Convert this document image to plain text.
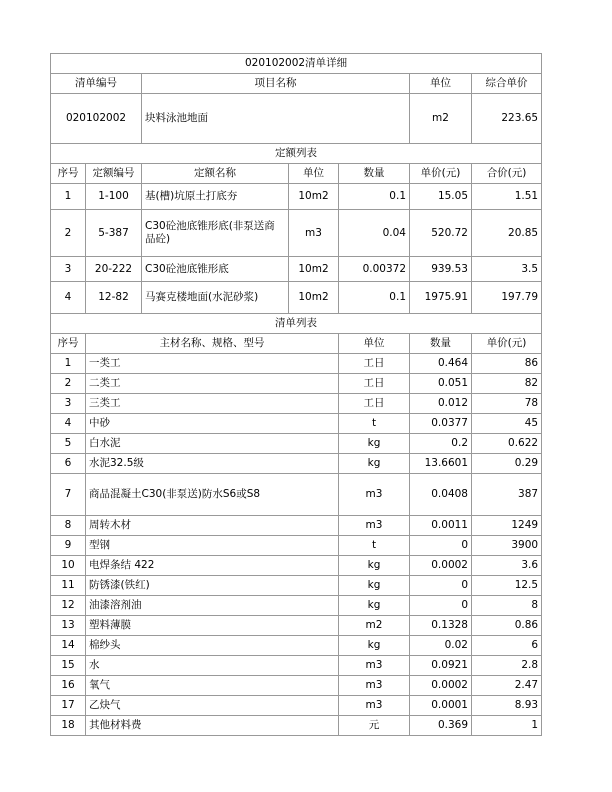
020102002清单详细							
清单编号		项目名称			单位	综合单价	
020102002		块料泳池地面			m2	223.65	
定额列表							
序号	定额编号	定额名称	单位	数量	单价(元)	合价(元)	
1	1-100	基(槽)坑原土打底夯	10m2	0.1	15.05	1.51	
2	5-387	C30砼池底锥形底(非泵送商品砼)	m3	0.04	520.72	20.85	
3	20-222	C30砼池底锥形底	10m2	0.00372	939.53	3.5	
4	12-82	马赛克楼地面(水泥砂浆)	10m2	0.1	1975.91	197.79	
清单列表							
序号	主材名称、规格、型号			单位	数量	单价(元)	
1	一类工			工日	0.464	86	
2	二类工			工日	0.051	82	
3	三类工			工日	0.012	78	
4	中砂			t	0.0377	45	
5	白水泥			kg	0.2	0.622	
6	水泥32.5级			kg	13.6601	0.29	
7	商品混凝土C30(非泵送)防水S6或S8			m3	0.0408	387	
8	周转木材			m3	0.0011	1249	
9	型钢			t	0	3900	
10	电焊条结 422			kg	0.0002	3.6	
11	防锈漆(铁红)			kg	0	12.5	
12	油漆溶剂油			kg	0	8	
13	塑料薄膜			m2	0.1328	0.86	
14	棉纱头			kg	0.02	6	
15	水			m3	0.0921	2.8	
16	氧气			m3	0.0002	2.47	
17	乙炔气			m3	0.0001	8.93	
18	其他材料费			元	0.369	1	
